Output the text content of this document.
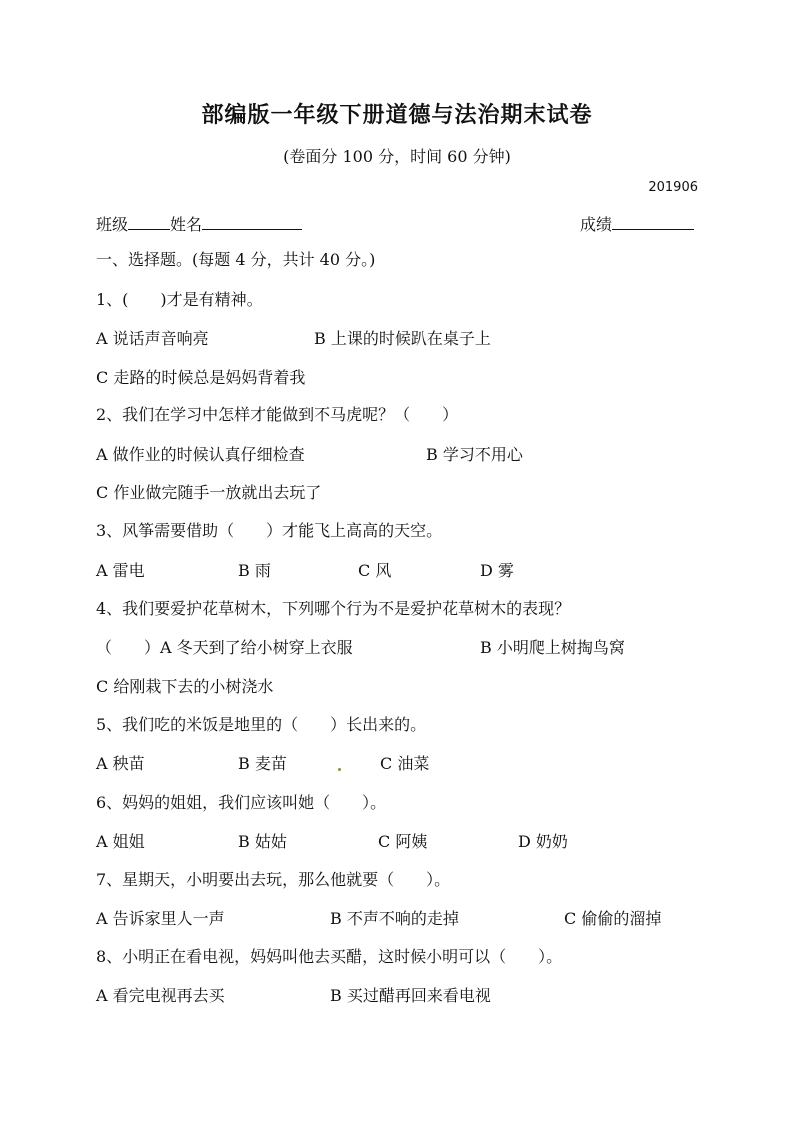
部编版一年级下册道德与法治期末试卷
(卷面分 100 分，时间 60 分钟)
201906
班级	姓名	成绩
一、选择题。(每题 4 分，共计 40 分。)
1、(　　)才是有精神。
A 说话声音响亮	B 上课的时候趴在桌子上
C 走路的时候总是妈妈背着我
2、我们在学习中怎样才能做到不马虎呢？（　　）
A 做作业的时候认真仔细检查	B 学习不用心
C 作业做完随手一放就出去玩了
3、风筝需要借助（　　）才能飞上高高的天空。
A 雷电	B 雨	C 风	D 雾
4、我们要爱护花草树木，下列哪个行为不是爱护花草树木的表现？
（　　）A 冬天到了给小树穿上衣服	B 小明爬上树掏鸟窝
C 给刚栽下去的小树浇水
5、我们吃的米饭是地里的（　　）长出来的。
A 秧苗	B 麦苗	C 油菜
6、妈妈的姐姐，我们应该叫她（　　）。
A 姐姐	B 姑姑	C 阿姨	D 奶奶
7、星期天，小明要出去玩，那么他就要（　　）。
A 告诉家里人一声	B 不声不响的走掉	C 偷偷的溜掉
8、小明正在看电视，妈妈叫他去买醋，这时候小明可以（　　）。
A 看完电视再去买	B 买过醋再回来看电视
